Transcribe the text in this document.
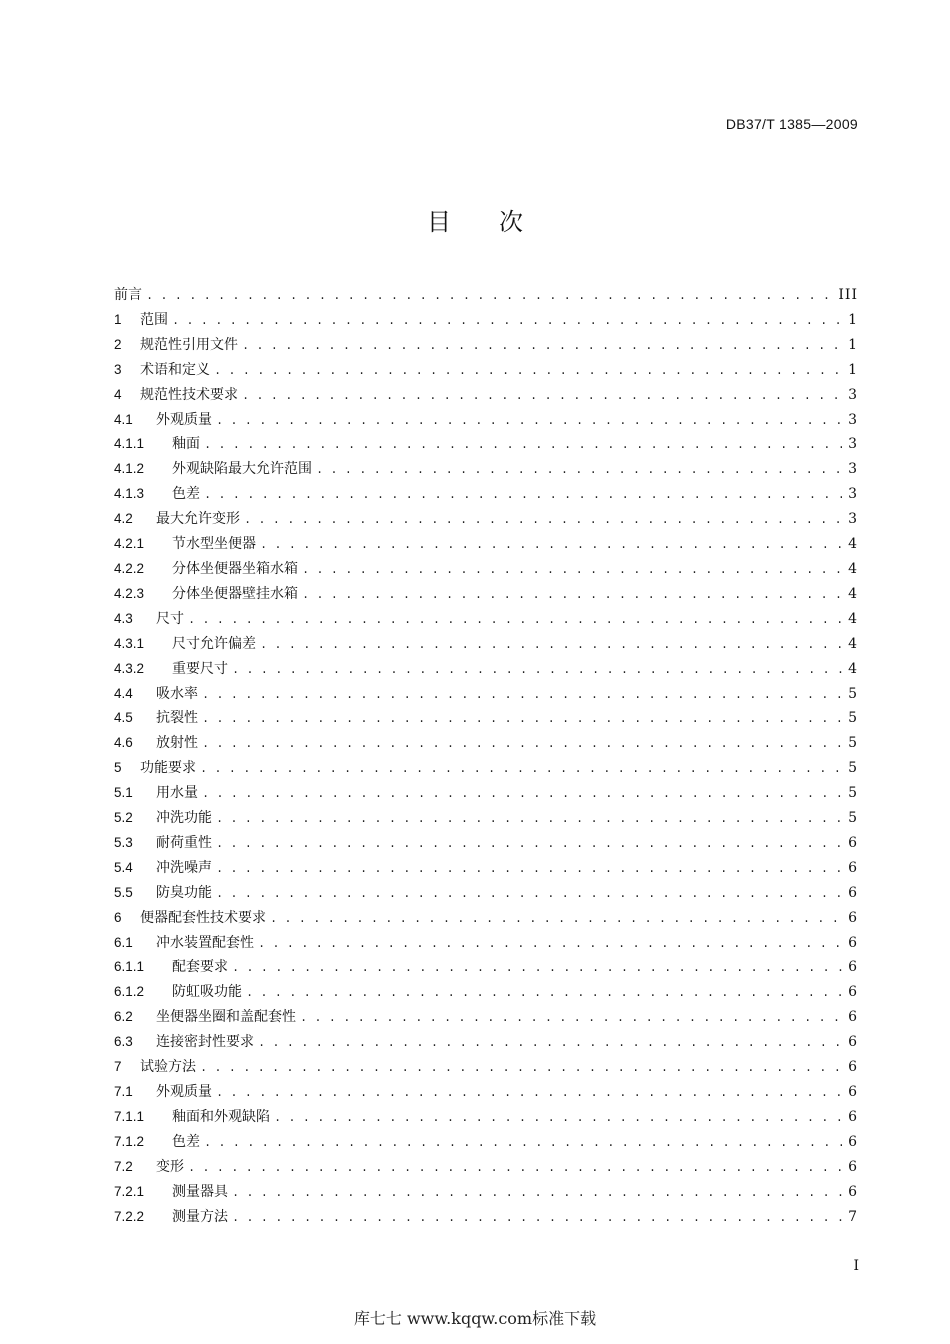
DB37/T 1385—2009
目 次
前言 . . .	III
1	范围 . . .	1
2	规范性引用文件 . . .	1
3	术语和定义 . . .	1
4	规范性技术要求 . . .	3
4.1	外观质量 . . .	3
4.1.1	釉面 . . .	3
4.1.2	外观缺陷最大允许范围 . . .	3
4.1.3	色差 . . .	3
4.2	最大允许变形 . . .	3
4.2.1	节水型坐便器 . . .	4
4.2.2	分体坐便器坐箱水箱 . . .	4
4.2.3	分体坐便器壁挂水箱 . . .	4
4.3	尺寸 . . .	4
4.3.1	尺寸允许偏差 . . .	4
4.3.2	重要尺寸 . . .	4
4.4	吸水率 . . .	5
4.5	抗裂性 . . .	5
4.6	放射性 . . .	5
5	功能要求 . . .	5
5.1	用水量 . . .	5
5.2	冲洗功能 . . .	5
5.3	耐荷重性 . . .	6
5.4	冲洗噪声 . . .	6
5.5	防臭功能 . . .	6
6	便器配套性技术要求 . . .	6
6.1	冲水装置配套性 . . .	6
6.1.1	配套要求 . . .	6
6.1.2	防虹吸功能 . . .	6
6.2	坐便器坐圈和盖配套性 . . .	6
6.3	连接密封性要求 . . .	6
7	试验方法 . . .	6
7.1	外观质量 . . .	6
7.1.1	釉面和外观缺陷 . . .	6
7.1.2	色差 . . .	6
7.2	变形 . . .	6
7.2.1	测量器具 . . .	6
7.2.2	测量方法 . . .	7
I
库七七 www.kqqw.com标准下载
